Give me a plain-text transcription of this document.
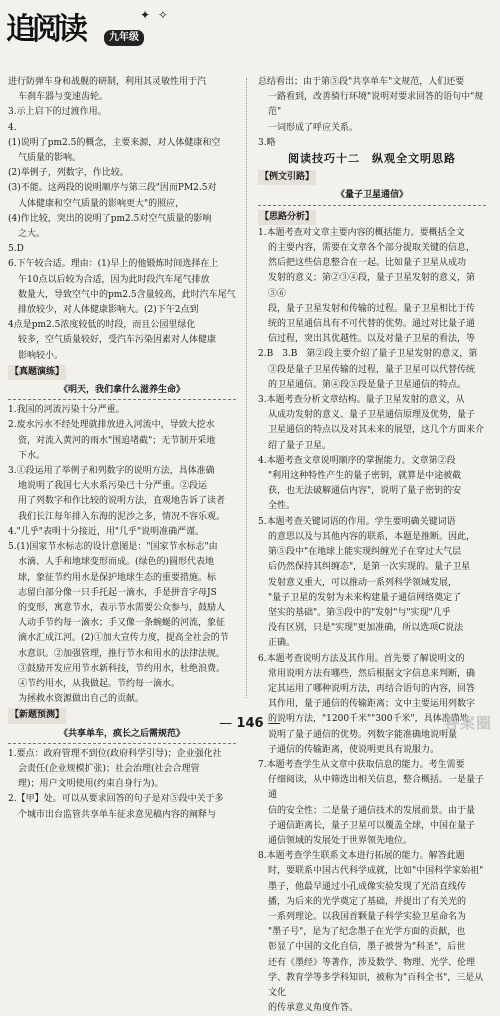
追阅读	九年级
✦ ✧

进行防弹车身和战舰的研制，利用其灵敏性用于汽

车刹车器与变速齿轮。

3.示上启下的过渡作用。

4.

(1)说明了pm2.5的概念，主要来源，对人体健康和空

气质量的影响。

(2)举例子，列数字，作比较。

(3)不能。这两段的说明顺序与第三段"因而PM2.5对

人体健康和空气质量的影响更大"的照应，

(4)作比较，突出的说明了pm2.5对空气质量的影响

之大。

5.D

6.下午较合适。理由：(1)早上的他锻炼时间选择在上

午10点以后较为合适，因为此时段汽车尾气排放

数量大，导致空气中的pm2.5含量较高，此时汽车尾气

排放较少，对人体健康影响大。(2)下午2点到

4点是pm2.5浓度较低的时段，而且公园里绿化

较多，空气质量较好，受汽车污染因素对人体健康

影响较小。

【真题演练】
《明天，我们拿什么滋养生命》

1.我国的河流污染十分严重。

2.废水污水不经处理就排放进入河流中，导致大挖水

资，对流入黄河的雨水"围追堵截"；无节制开采地

下水。

3.①段运用了举例子和列数字的说明方法，具体准确

地说明了我国七大水系污染已十分严重。②段运

用了列数字和作比较的说明方法，直观地告诉了读者

我们长江每年排入东海的泥沙之多，情况不容乐观。

4."几乎"表明十分接近，用"几乎"说明准确严谨。

5.(1)国家节水标志的设计意图是："国家节水标志"由

水滴、人手和地球变形而成。(绿色的)圆形代表地

球，象征节约用水是保护地球生态的重要措施。标

志留白部分像一只手托起一滴水，手是拼音字母JS

的变形，寓意节水，表示节水需要公众参与，鼓励人

人动手节约每一滴水；手又像一条蜿蜒的河流，象征

滴水汇成江河。(2)①加大宣传力度，提高全社会的节

水意识。②加强管理，推行节水和用水的法律法规。

③鼓励开发应用节水新科技，节约用水，杜绝浪费。

④节约用水，从我做起。节约每一滴水。

为拯救水资源做出自己的贡献。

【新题预测】
《共享单车，疯长之后需规范》

1.要点：政府管理不到位(政府科学引导)；企业强化社

会责任(企业规模扩张)；社会治理(社会合理管

理)；用户文明使用(约束自身行为)。

2.【甲】处。可以从要求回答的句子是对⑤段中关于多

个城市出台监管共享单车征求意见稿内容的阐释与

总结看出；由于第⑤段"共享单车"文规范，人们还要

一路看到，改善骑行环境"说明对要求回答的语句中"规范"

一词形成了呼应关系。

3.略

阅读技巧十二　纵观全文明思路
【例文引路】
《量子卫星通信》
【思路分析】

1.本题考查对文章主要内容的概括能力。要概括全文

的主要内容，需要在文章各个部分提取关键的信息，

然后把这些信息整合在一起。比如量子卫星从成功

发射的意义；第②③④段，量子卫星发射的意义，第⑤⑥

段，量子卫星发射和传输的过程。量子卫星相比于传

统的卫星通信具有不可代替的优势。通过对比量子通

信过程，突出其优越性。以及对量子卫星的看法，等

2.B　3.B　第②段主要介绍了量子卫星发射的意义，第

③段是量子卫星传输的过程，量子卫星可以代替传统

的卫星通信。第④段⑤段是量子卫星通信的特点。

3.本题考查分析文章结构。量子卫星发射的意义，从

从成功发射的意义、量子卫星通信原理及优势，量子

卫星通信的特点以及对其未来的展望，这几个方面来介

绍了量子卫星。

4.本题考查文章说明顺序的掌握能力。文章第②段

"利用这种特性产生的量子密钥，就算是中途被截

获，也无法破解通信内容"，说明了量子密钥的安

全性。

5.本题考查关键词语的作用。学生要明确关键词语

的意思以及与其他内容的联系，本题是推断。因此，

第⑤段中"在地球上能实现纠缠光子在穿过大气层

后仍然保持其纠缠态"，是第一次实现的。量子卫星

发射意义重大，可以推动一系列科学领域发展，

"量子卫星的发射为未来构建量子通信网络奠定了

坚实的基础"。第⑤段中的"发射"与"实现"几乎

没有区别，只是"实现"更加准确，所以选项C说法

正确。

6.本题考查说明方法及其作用。首先要了解说明文的

常用说明方法有哪些，然后根据文字信息来判断，确

定其运用了哪种说明方法，再结合语句的内容，回答

其作用，量子通信的传输距离；文中主要运用列数字

的说明方法，"1200千米""300千米"，具体准确地

说明了量子通信的优势。列数字能准确地说明量

子通信的传输距离，使说明更具有说服力。

7.本题考查学生从文章中获取信息的能力。考生需要

仔细阅读，从中筛选出相关信息，整合概括。一是量子通

信的安全性；二是量子通信技术的发展前景。由于量

子通信距离长，量子卫星可以覆盖全球，中国在量子

通信领域的发展处于世界领先地位。

8.本题考查学生联系文本进行拓展的能力。解答此题

时，要联系中国古代科学成就，比如"中国科学家始祖"

墨子，他最早通过小孔成像实验发现了光沿直线传

播，为后来的光学奠定了基础，并提出了有关光的

一系列理论。以我国首颗量子科学实验卫星命名为

"墨子号"，是为了纪念墨子在光学方面的贡献，也

彰显了中国的文化自信，墨子被誉为"科圣"，后世

还有《墨经》等著作，涉及数学、物理、光学、伦理

学、教育学等多学科知识，被称为"百科全书"，三是从文化

的传承意义角度作答。

— 146 —	答案圈
